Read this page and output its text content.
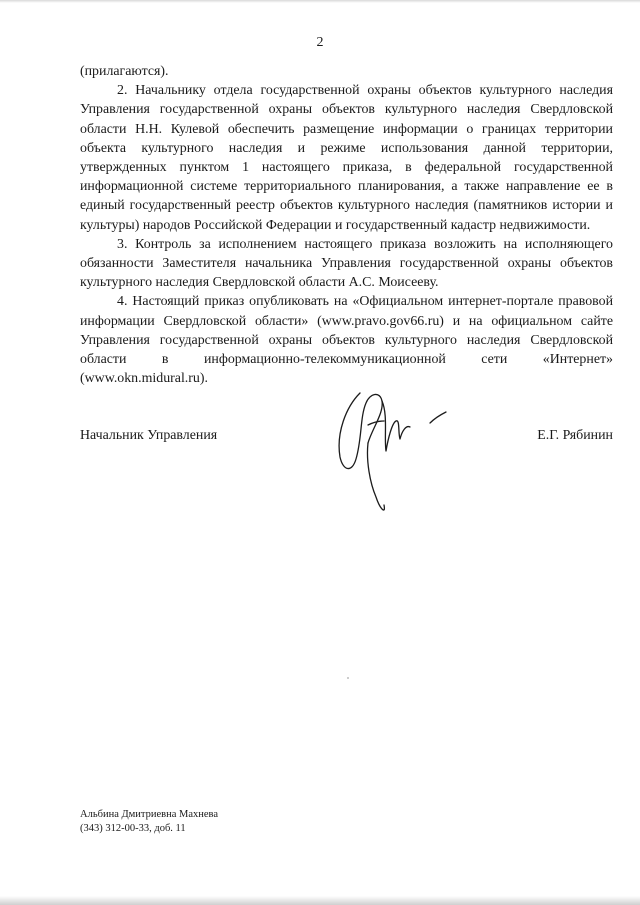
2

(прилагаются).

2. Начальнику отдела государственной охраны объектов культурного наследия Управления государственной охраны объектов культурного наследия Свердловской области Н.Н. Кулевой обеспечить размещение информации о границах территории объекта культурного наследия и режиме использования данной территории, утвержденных пунктом 1 настоящего приказа, в федеральной государственной информационной системе территориального планирования, а также направление ее в единый государственный реестр объектов культурного наследия (памятников истории и культуры) народов Российской Федерации и государственный кадастр недвижимости.

3. Контроль за исполнением настоящего приказа возложить на исполняющего обязанности Заместителя начальника Управления государственной охраны объектов культурного наследия Свердловской области А.С. Моисееву.

4. Настоящий приказ опубликовать на «Официальном интернет-портале правовой информации Свердловской области» (www.pravo.gov66.ru) и на официальном сайте Управления государственной охраны объектов культурного наследия Свердловской области в информационно-телекоммуникационной сети «Интернет» (www.okn.midural.ru).

Начальник Управления	Е.Г. Рябинин
Альбина Дмитриевна Махнева
(343) 312-00-33, доб. 11
